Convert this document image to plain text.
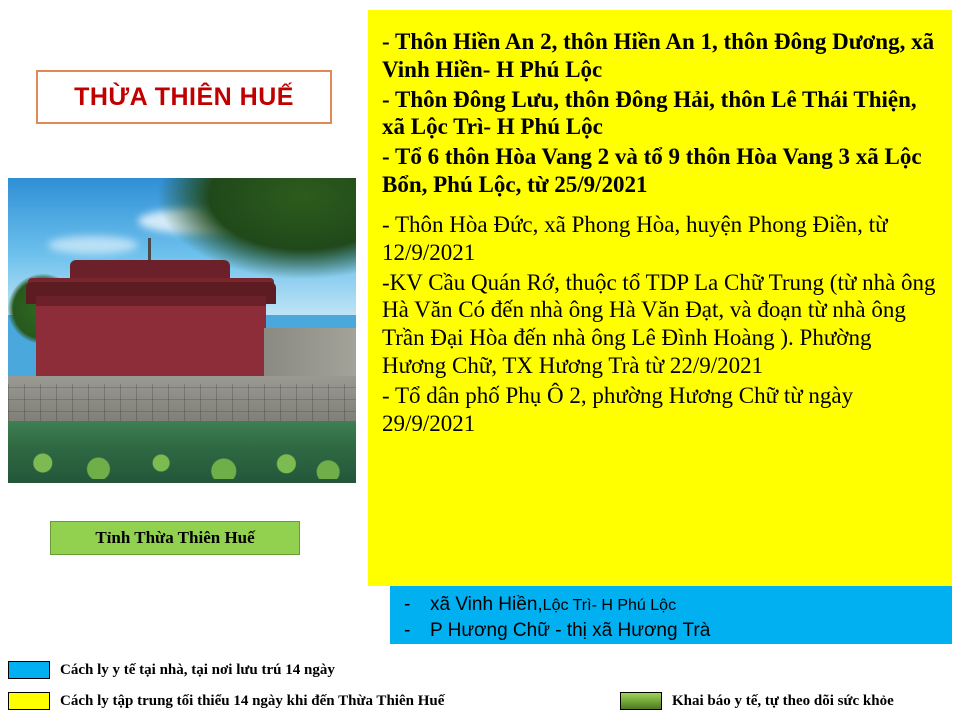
THỪA THIÊN HUẾ
Tỉnh Thừa Thiên Huế

- Thôn Hiền An 2, thôn Hiền An 1, thôn Đông Dương, xã Vinh Hiền- H Phú Lộc

- Thôn Đông Lưu, thôn Đông Hải, thôn Lê Thái Thiện, xã Lộc Trì- H Phú Lộc

- Tổ 6 thôn Hòa Vang 2 và tổ 9 thôn Hòa Vang 3 xã Lộc Bổn, Phú Lộc, từ 25/9/2021

- Thôn Hòa Đức, xã Phong Hòa, huyện Phong Điền, từ 12/9/2021

-KV Cầu Quán Rớ, thuộc tổ TDP La Chữ Trung (từ nhà ông Hà Văn Có đến nhà ông Hà Văn Đạt, và đoạn từ nhà ông Trần Đại Hòa đến nhà ông Lê Đình Hoàng ). Phường Hương Chữ, TX Hương Trà từ 22/9/2021

- Tổ dân phố Phụ Ô 2, phường Hương Chữ từ ngày 29/9/2021

-	xã Vinh Hiền, Lộc Trì- H Phú Lộc
-	P Hương Chữ - thị xã Hương Trà
Cách ly y tế tại nhà, tại nơi lưu trú 14 ngày
Cách ly tập trung tối thiểu 14 ngày khi đến Thừa Thiên Huế	Khai báo y tế, tự theo dõi sức khỏe
